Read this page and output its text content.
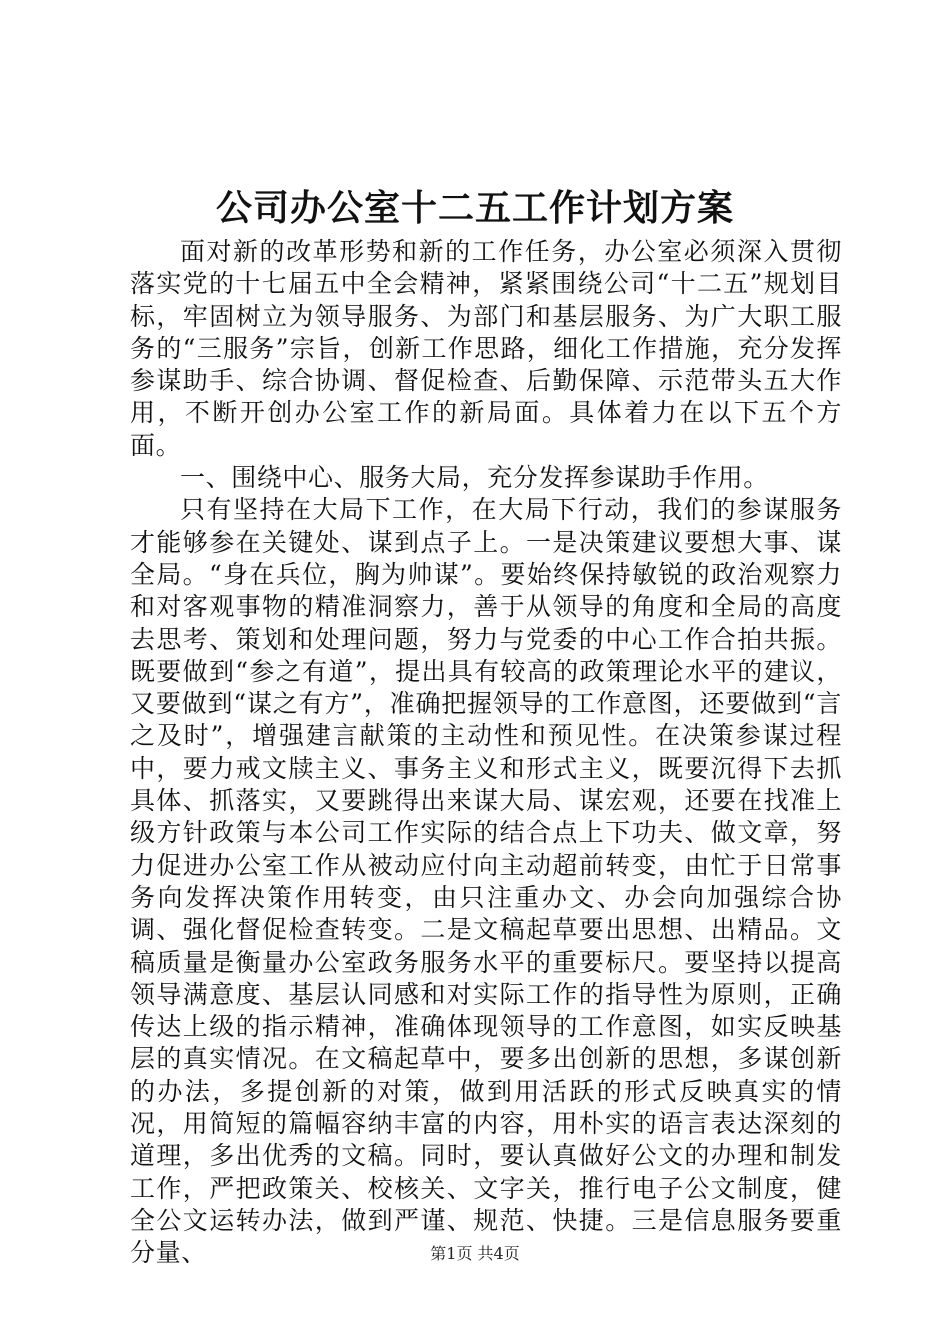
公司办公室十二五工作计划方案

面对新的改革形势和新的工作任务，办公室必须深入贯彻落实党的十七届五中全会精神，紧紧围绕公司“十二五”规划目标，牢固树立为领导服务、为部门和基层服务、为广大职工服务的“三服务”宗旨，创新工作思路，细化工作措施，充分发挥参谋助手、综合协调、督促检查、后勤保障、示范带头五大作用，不断开创办公室工作的新局面。具体着力在以下五个方面。

一、围绕中心、服务大局，充分发挥参谋助手作用。

只有坚持在大局下工作，在大局下行动，我们的参谋服务才能够参在关键处、谋到点子上。一是决策建议要想大事、谋全局。“身在兵位，胸为帅谋”。要始终保持敏锐的政治观察力和对客观事物的精准洞察力，善于从领导的角度和全局的高度去思考、策划和处理问题，努力与党委的中心工作合拍共振。既要做到“参之有道”，提出具有较高的政策理论水平的建议，又要做到“谋之有方”，准确把握领导的工作意图，还要做到“言之及时”，增强建言献策的主动性和预见性。在决策参谋过程中，要力戒文牍主义、事务主义和形式主义，既要沉得下去抓具体、抓落实，又要跳得出来谋大局、谋宏观，还要在找准上级方针政策与本公司工作实际的结合点上下功夫、做文章，努力促进办公室工作从被动应付向主动超前转变，由忙于日常事务向发挥决策作用转变，由只注重办文、办会向加强综合协调、强化督促检查转变。二是文稿起草要出思想、出精品。文稿质量是衡量办公室政务服务水平的重要标尺。要坚持以提高领导满意度、基层认同感和对实际工作的指导性为原则，正确传达上级的指示精神，准确体现领导的工作意图，如实反映基层的真实情况。在文稿起草中，要多出创新的思想，多谋创新的办法，多提创新的对策，做到用活跃的形式反映真实的情况，用简短的篇幅容纳丰富的内容，用朴实的语言表达深刻的道理，多出优秀的文稿。同时，要认真做好公文的办理和制发工作，严把政策关、校核关、文字关，推行电子公文制度，健全公文运转办法，做到严谨、规范、快捷。三是信息服务要重分量、	第1页 共4页
